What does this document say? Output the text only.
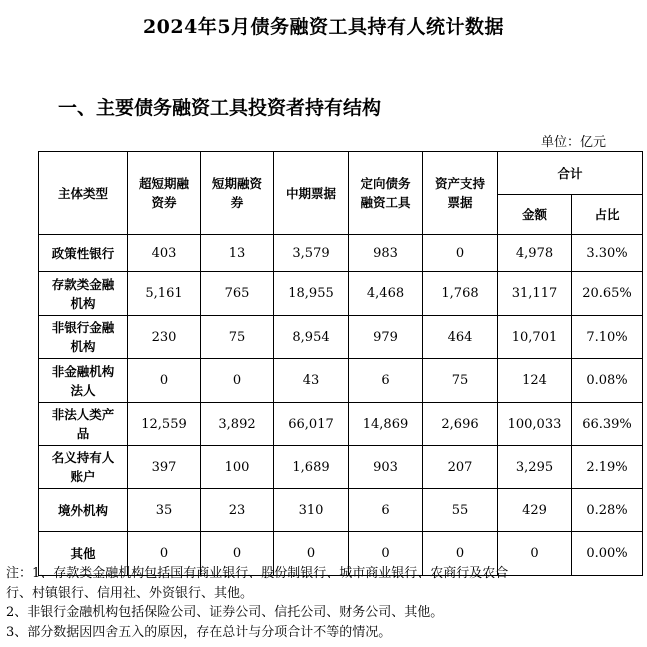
2024年5月债务融资工具持有人统计数据
一、主要债务融资工具投资者持有结构
单位：亿元
主体类型	超短期融资券	短期融资券	中期票据	定向债务融资工具	资产支持票据	合计	
						金额	占比
政策性银行	403	13	3,579	983	0	4,978	3.30%
存款类金融机构	5,161	765	18,955	4,468	1,768	31,117	20.65%
非银行金融机构	230	75	8,954	979	464	10,701	7.10%
非金融机构法人	0	0	43	6	75	124	0.08%
非法人类产品	12,559	3,892	66,017	14,869	2,696	100,033	66.39%
名义持有人账户	397	100	1,689	903	207	3,295	2.19%
境外机构	35	23	310	6	55	429	0.28%
其他	0	0	0	0	0	0	0.00%
注：1、存款类金融机构包括国有商业银行、股份制银行、城市商业银行、农商行及农合
行、村镇银行、信用社、外资银行、其他。
2、非银行金融机构包括保险公司、证券公司、信托公司、财务公司、其他。
3、部分数据因四舍五入的原因，存在总计与分项合计不等的情况。
